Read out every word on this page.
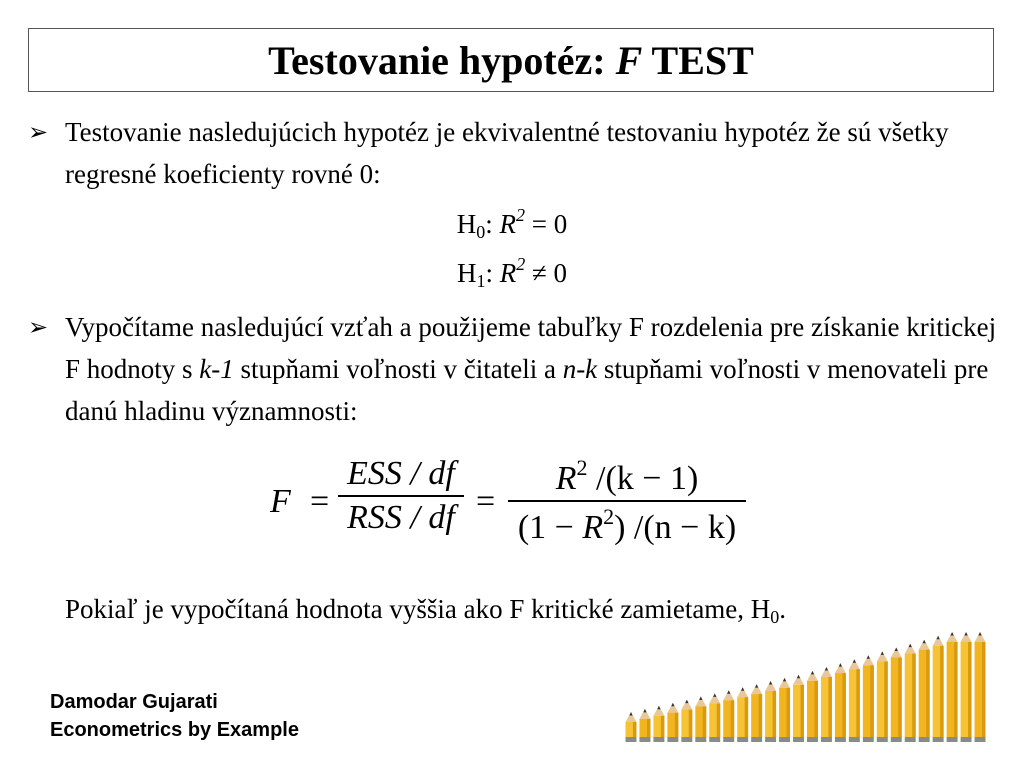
Testovanie hypotéz: F TEST
➢ Testovanie nasledujúcich hypotéz je ekvivalentné testovaniu hypotéz že sú všetky regresné koeficienty rovné 0:
$H_0$: $R^2 = 0$
$H_1$: $R^2 \ne 0$
➢ Vypočítame nasledujúcí vzťah a použijeme tabuľky F rozdelenia pre získanie kritickej F hodnoty s k-1 stupňami voľnosti v čitateli a n-k stupňami voľnosti v menovateli pre danú hladinu významnosti:
F =
ESS / df
RSS / df =
$R^2$ /(k − 1)
$(1 - R^2)$ /(n − k)
Pokiaľ je vypočítaná hodnota vyššia ako F kritické zamietame, $H_0$.
Damodar Gujarati
Econometrics by Example
